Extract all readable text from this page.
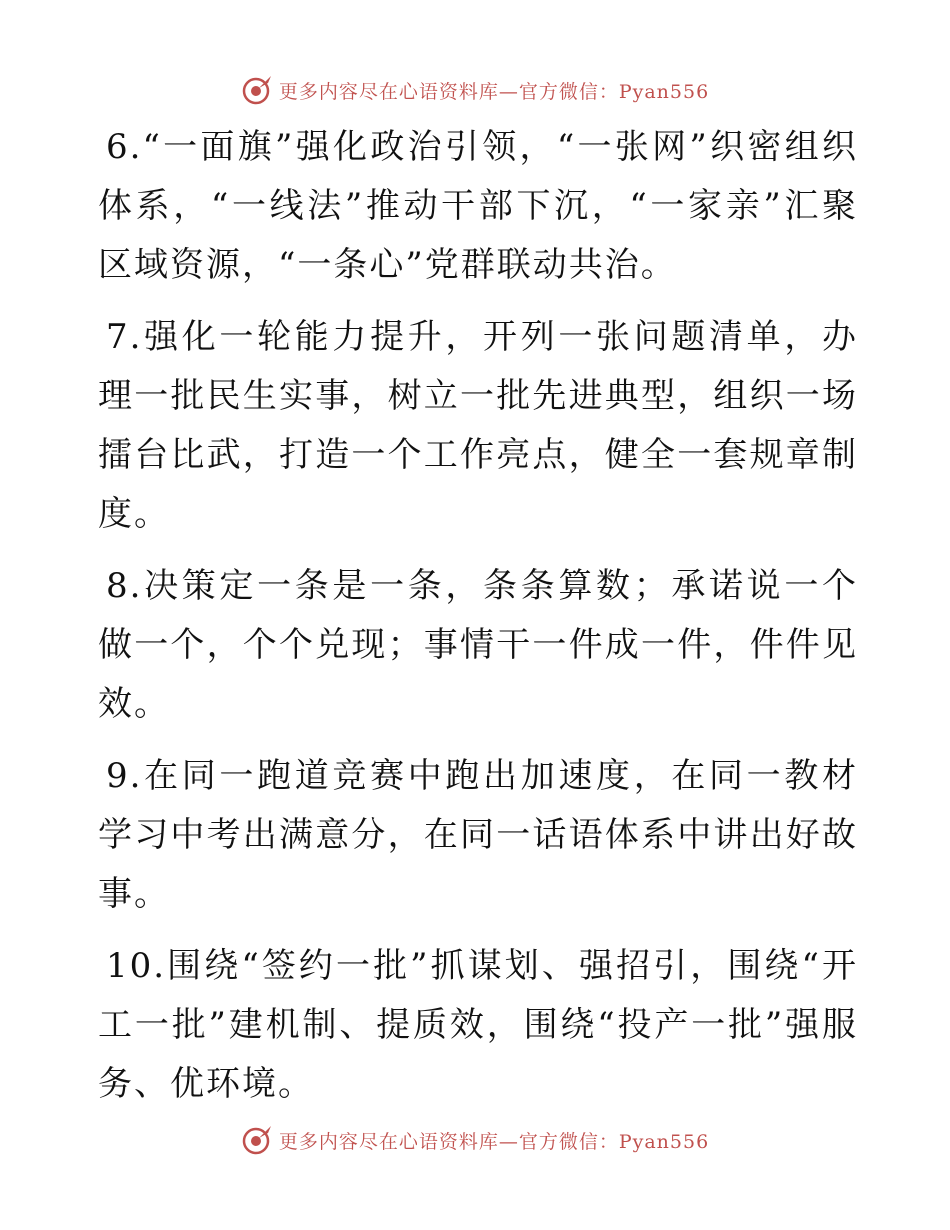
更多内容尽在心语资料库—官方微信：Pyan556

6.“一面旗”强化政治引领，“一张网”织密组织体系，“一线法”推动干部下沉，“一家亲”汇聚区域资源，“一条心”党群联动共治。

7.强化一轮能力提升，开列一张问题清单，办理一批民生实事，树立一批先进典型，组织一场擂台比武，打造一个工作亮点，健全一套规章制度。

8.决策定一条是一条，条条算数；承诺说一个做一个，个个兑现；事情干一件成一件，件件见效。

9.在同一跑道竞赛中跑出加速度，在同一教材学习中考出满意分，在同一话语体系中讲出好故事。

10.围绕“签约一批”抓谋划、强招引，围绕“开工一批”建机制、提质效，围绕“投产一批”强服务、优环境。

更多内容尽在心语资料库—官方微信：Pyan556
